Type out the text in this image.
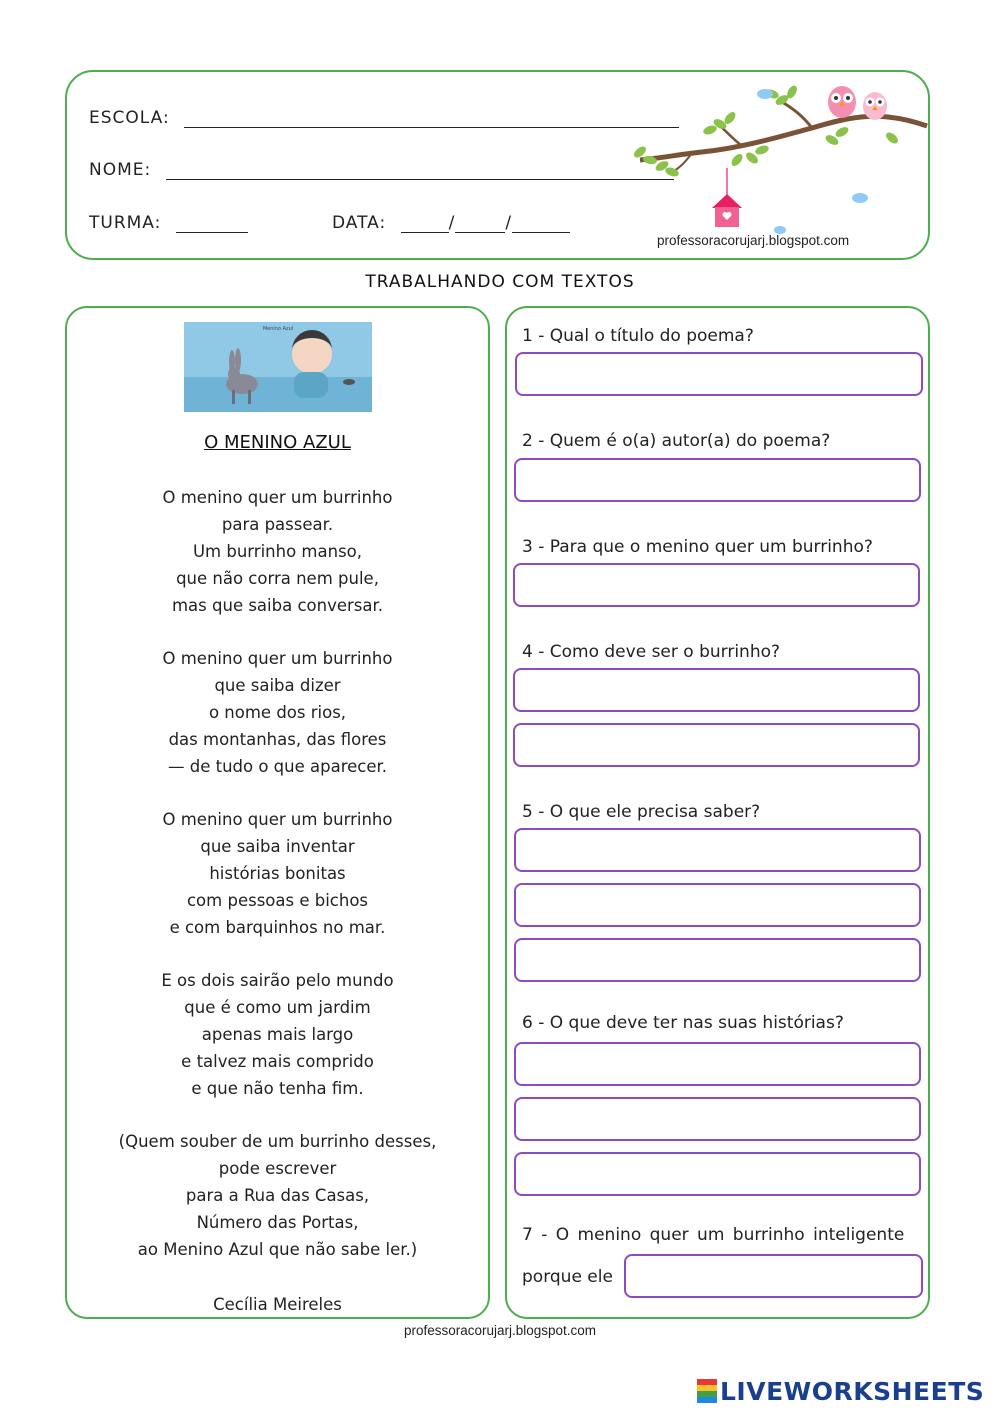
ESCOLA:
NOME:
TURMA:	DATA:	/	/
professoracorujarj.blogspot.com
TRABALHANDO COM TEXTOS
Menino Azul
O MENINO AZUL
O menino quer um burrinho
para passear.
Um burrinho manso,
que não corra nem pule,
mas que saiba conversar.
O menino quer um burrinho
que saiba dizer
o nome dos rios,
das montanhas, das flores
— de tudo o que aparecer.
O menino quer um burrinho
que saiba inventar
histórias bonitas
com pessoas e bichos
e com barquinhos no mar.
E os dois sairão pelo mundo
que é como um jardim
apenas mais largo
e talvez mais comprido
e que não tenha fim.
(Quem souber de um burrinho desses,
pode escrever
para a Rua das Casas,
Número das Portas,
ao Menino Azul que não sabe ler.)
Cecília Meireles
1 - Qual o título do poema?
2 - Quem é o(a) autor(a) do poema?
3 - Para que o menino quer um burrinho?
4 - Como deve ser o burrinho?
5 - O que ele precisa saber?
6 - O que deve ter nas suas histórias?
7 - O menino quer um burrinho inteligente
porque ele
professoracorujarj.blogspot.com
LIVEWORKSHEETS
